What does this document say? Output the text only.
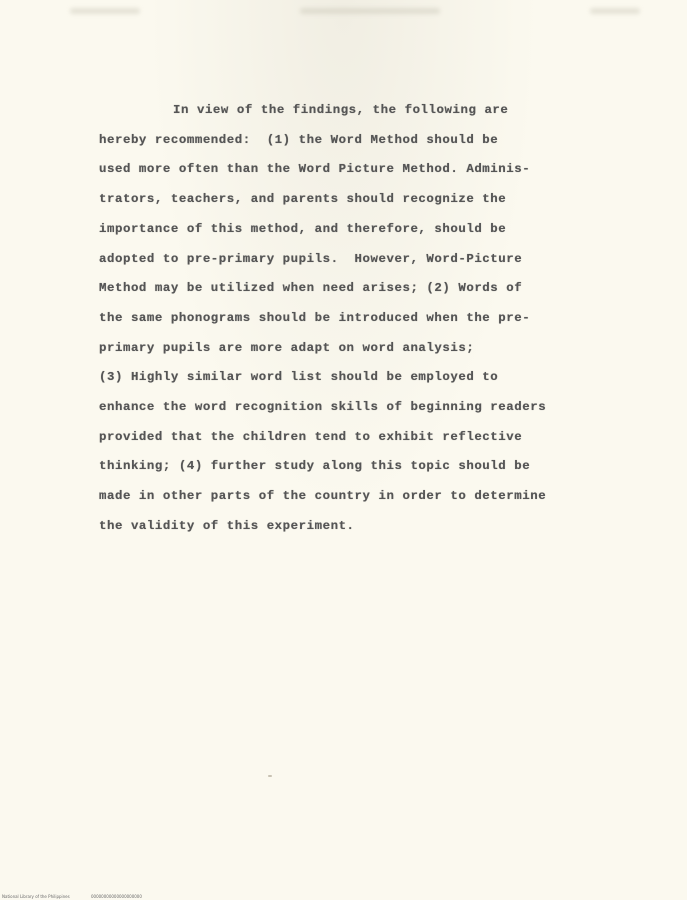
In view of the findings, the following are
hereby recommended:  (1) the Word Method should be
used more often than the Word Picture Method. Adminis-
trators, teachers, and parents should recognize the
importance of this method, and therefore, should be
adopted to pre-primary pupils.  However, Word-Picture
Method may be utilized when need arises; (2) Words of
the same phonograms should be introduced when the pre-
primary pupils are more adapt on word analysis;
(3) Highly similar word list should be employed to
enhance the word recognition skills of beginning readers
provided that the children tend to exhibit reflective
thinking; (4) further study along this topic should be
made in other parts of the country in order to determine
the validity of this experiment.
National Library of the Philippines	00000000000000000000
